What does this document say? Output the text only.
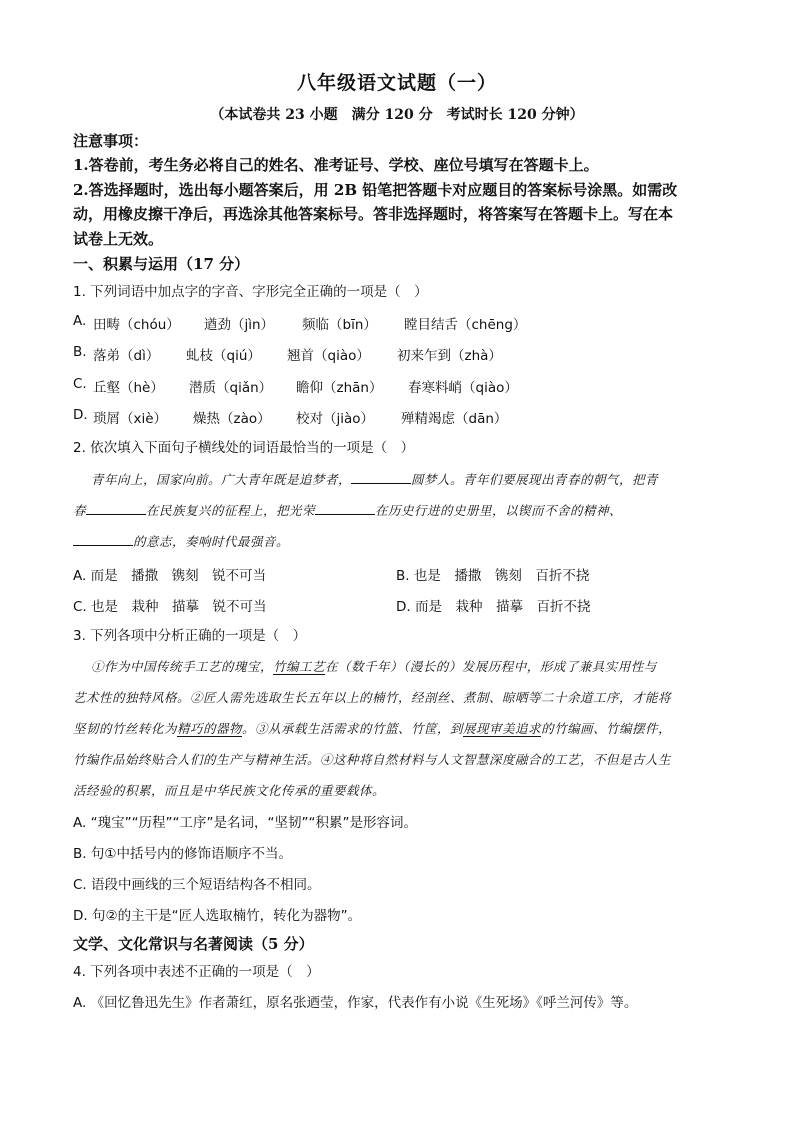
八年级语文试题（一）
（本试卷共 23 小题　满分 120 分　考试时长 120 分钟）
注意事项：
1.答卷前，考生务必将自己的姓名、准考证号、学校、座位号填写在答题卡上。
2.答选择题时，选出每小题答案后，用 2B 铅笔把答题卡对应题目的答案标号涂黑。如需改
动，用橡皮擦干净后，再选涂其他答案标号。答非选择题时，将答案写在答题卡上。写在本
试卷上无效。
一、积累与运用（17 分）
1. 下列词语中加点字的字音、字形完全正确的一项是（　）
A. 田畴（chóu） 遒劲（jìn） 频临（bīn） 瞠目结舌（chēng）
B. 落弟（dì） 虬枝（qiú） 翘首（qiào） 初来乍到（zhà）
C. 丘壑（hè） 潜质（qiǎn） 瞻仰（zhān） 春寒料峭（qiào）
D. 琐屑（xiè） 燥热（zào） 校对（jiào） 殚精竭虑（dān）
2. 依次填入下面句子横线处的词语最恰当的一项是（　）
青年向上，国家向前。广大青年既是追梦者，	圆梦人。青年们要展现出青春的朝气，把青
春	在民族复兴的征程上，把光荣	在历史行进的史册里，以锲而不舍的精神、
的意志，奏响时代最强音。
A. 而是　播撒　镌刻　锐不可当	B. 也是　播撒　镌刻　百折不挠
C. 也是　栽种　描摹　锐不可当	D. 而是　栽种　描摹　百折不挠
3. 下列各项中分析正确的一项是（　）
①作为中国传统手工艺的瑰宝，竹编工艺在（数千年）（漫长的）发展历程中，形成了兼具实用性与
艺术性的独特风格。②匠人需先选取生长五年以上的楠竹，经剖丝、煮制、晾晒等二十余道工序，才能将
坚韧的竹丝转化为精巧的器物。③从承载生活需求的竹篮、竹筐，到展现审美追求的竹编画、竹编摆件，
竹编作品始终贴合人们的生产与精神生活。④这种将自然材料与人文智慧深度融合的工艺，不但是古人生
活经验的积累，而且是中华民族文化传承的重要载体。
A. “瑰宝”“历程”“工序”是名词，“坚韧”“积累”是形容词。
B. 句①中括号内的修饰语顺序不当。
C. 语段中画线的三个短语结构各不相同。
D. 句②的主干是“匠人选取楠竹，转化为器物”。
文学、文化常识与名著阅读（5 分）
4. 下列各项中表述不正确的一项是（　）
A. 《回忆鲁迅先生》作者萧红，原名张迺莹，作家，代表作有小说《生死场》《呼兰河传》等。
